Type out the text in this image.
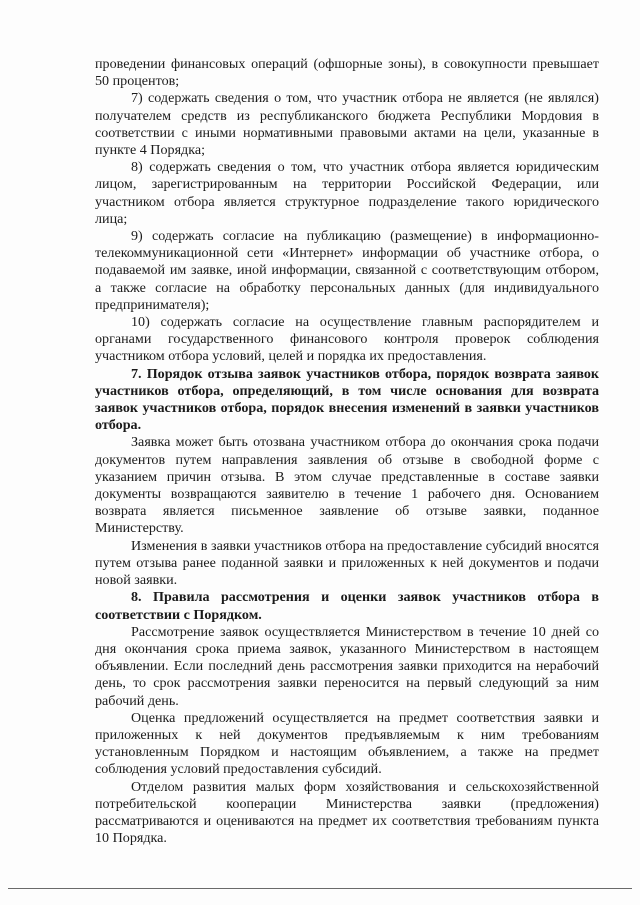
проведении финансовых операций (офшорные зоны), в совокупности превышает 50 процентов;

7) содержать сведения о том, что участник отбора не является (не являлся) получателем средств из республиканского бюджета Республики Мордовия в соответствии с иными нормативными правовыми актами на цели, указанные в пункте 4 Порядка;

8) содержать сведения о том, что участник отбора является юридическим лицом, зарегистрированным на территории Российской Федерации, или участником отбора является структурное подразделение такого юридического лица;

9) содержать согласие на публикацию (размещение) в информационно-телекоммуникационной сети «Интернет» информации об участнике отбора, о подаваемой им заявке, иной информации, связанной с соответствующим отбором, а также согласие на обработку персональных данных (для индивидуального предпринимателя);

10) содержать согласие на осуществление главным распорядителем и органами государственного финансового контроля проверок соблюдения участником отбора условий, целей и порядка их предоставления.

7. Порядок отзыва заявок участников отбора, порядок возврата заявок участников отбора, определяющий, в том числе основания для возврата заявок участников отбора, порядок внесения изменений в заявки участников отбора.

Заявка может быть отозвана участником отбора до окончания срока подачи документов путем направления заявления об отзыве в свободной форме с указанием причин отзыва. В этом случае представленные в составе заявки документы возвращаются заявителю в течение 1 рабочего дня. Основанием возврата является письменное заявление об отзыве заявки, поданное Министерству.

Изменения в заявки участников отбора на предоставление субсидий вносятся путем отзыва ранее поданной заявки и приложенных к ней документов и подачи новой заявки.

8. Правила рассмотрения и оценки заявок участников отбора в соответствии с Порядком.

Рассмотрение заявок осуществляется Министерством в течение 10 дней со дня окончания срока приема заявок, указанного Министерством в настоящем объявлении. Если последний день рассмотрения заявки приходится на нерабочий день, то срок рассмотрения заявки переносится на первый следующий за ним рабочий день.

Оценка предложений осуществляется на предмет соответствия заявки и приложенных к ней документов предъявляемым к ним требованиям установленным Порядком и настоящим объявлением, а также на предмет соблюдения условий предоставления субсидий.

Отделом развития малых форм хозяйствования и сельскохозяйственной потребительской кооперации Министерства заявки (предложения) рассматриваются и оцениваются на предмет их соответствия требованиям пункта 10 Порядка.
